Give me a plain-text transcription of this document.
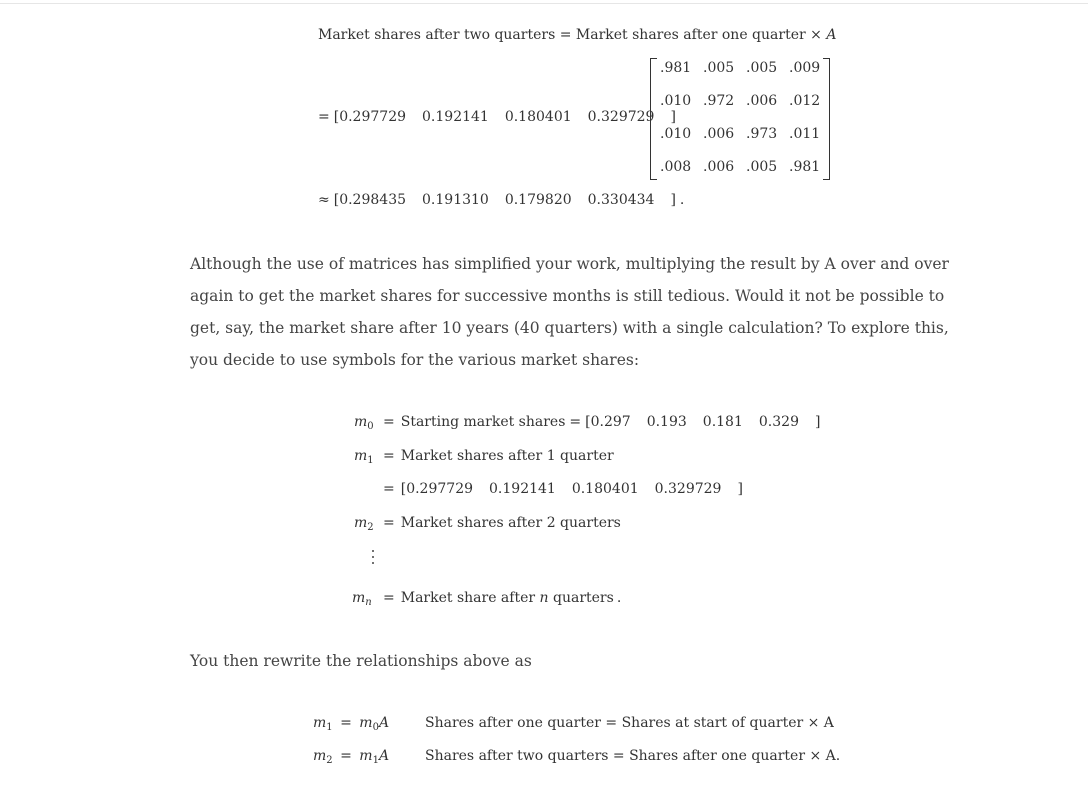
Market shares after two quarters = Market shares after one quarter × A
= [ 0.297729 0.192141 0.180401 0.329729 ]
.981 .005 .005 .009
.010 .972 .006 .012
.010 .006 .973 .011
.008 .006 .005 .981
≈ [ 0.298435 0.191310 0.179820 0.330434 ] .
Although the use of matrices has simplified your work, multiplying the result by A over and over again to get the market shares for successive months is still tedious. Would it not be possible to get, say, the market share after 10 years (40 quarters) with a single calculation? To explore this, you decide to use symbols for the various market shares:
$m_0$ = Starting market shares = [ 0.297 0.193 0.181 0.329 ]
$m_1$ = Market shares after 1 quarter
= [ 0.297729 0.192141 0.180401 0.329729 ]
$m_2$ = Market shares after 2 quarters
$m_n$ = Market share after n quarters .
You then rewrite the relationships above as
$m_1 = m_0A$	Shares after one quarter = Shares at start of quarter × A
$m_2 = m_1A$	Shares after two quarters = Shares after one quarter × A.
